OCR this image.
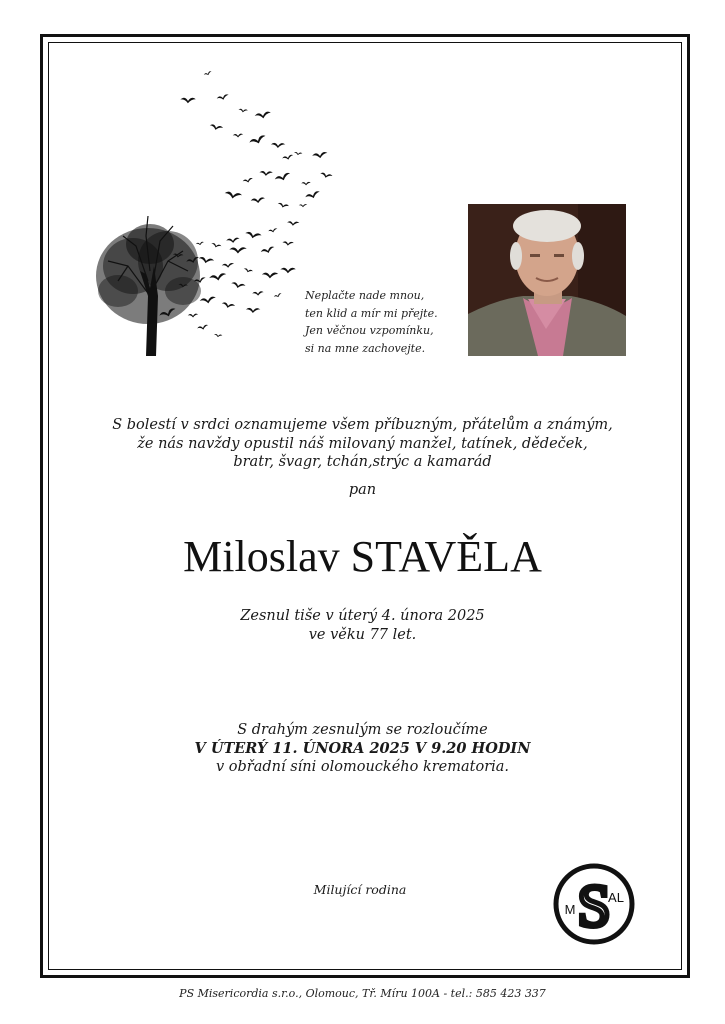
Neplačte nade mnou,
ten klid a mír mi přejte.
Jen věčnou vzpomínku,
si na mne zachovejte.
S bolestí v srdci oznamujeme všem příbuzným, přátelům a známým,
že nás navždy opustil náš milovaný manžel, tatínek, dědeček,
bratr, švagr, tchán,strýc a kamarád
pan
Miloslav STAVĚLA
Zesnul tiše v úterý 4. února 2025
ve věku 77 let.
S drahým zesnulým se rozloučíme
V ÚTERÝ 11. ÚNORA 2025 V 9.20 HODIN
v obřadní síni olomouckého krematoria.
Milující rodina	S
M
AL
PS Misericordia s.r.o., Olomouc, Tř. Míru 100A - tel.: 585 423 337
